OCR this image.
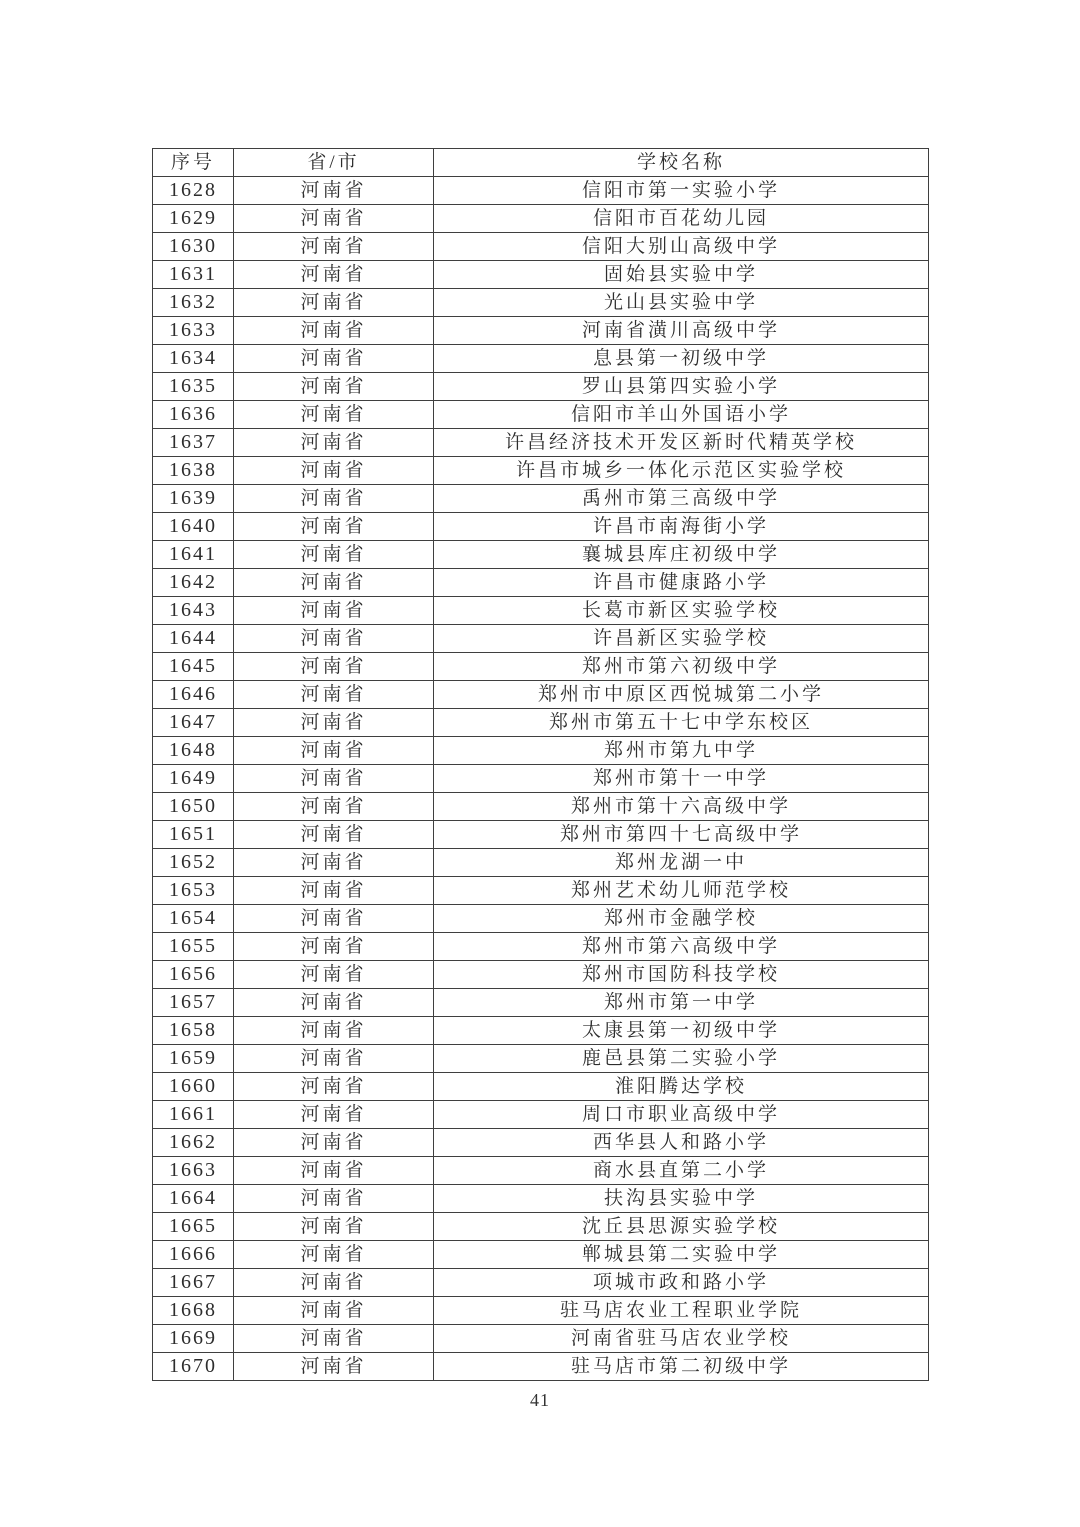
序号	省/市	学校名称
1628	河南省	信阳市第一实验小学
1629	河南省	信阳市百花幼儿园
1630	河南省	信阳大别山高级中学
1631	河南省	固始县实验中学
1632	河南省	光山县实验中学
1633	河南省	河南省潢川高级中学
1634	河南省	息县第一初级中学
1635	河南省	罗山县第四实验小学
1636	河南省	信阳市羊山外国语小学
1637	河南省	许昌经济技术开发区新时代精英学校
1638	河南省	许昌市城乡一体化示范区实验学校
1639	河南省	禹州市第三高级中学
1640	河南省	许昌市南海街小学
1641	河南省	襄城县库庄初级中学
1642	河南省	许昌市健康路小学
1643	河南省	长葛市新区实验学校
1644	河南省	许昌新区实验学校
1645	河南省	郑州市第六初级中学
1646	河南省	郑州市中原区西悦城第二小学
1647	河南省	郑州市第五十七中学东校区
1648	河南省	郑州市第九中学
1649	河南省	郑州市第十一中学
1650	河南省	郑州市第十六高级中学
1651	河南省	郑州市第四十七高级中学
1652	河南省	郑州龙湖一中
1653	河南省	郑州艺术幼儿师范学校
1654	河南省	郑州市金融学校
1655	河南省	郑州市第六高级中学
1656	河南省	郑州市国防科技学校
1657	河南省	郑州市第一中学
1658	河南省	太康县第一初级中学
1659	河南省	鹿邑县第二实验小学
1660	河南省	淮阳腾达学校
1661	河南省	周口市职业高级中学
1662	河南省	西华县人和路小学
1663	河南省	商水县直第二小学
1664	河南省	扶沟县实验中学
1665	河南省	沈丘县思源实验学校
1666	河南省	郸城县第二实验中学
1667	河南省	项城市政和路小学
1668	河南省	驻马店农业工程职业学院
1669	河南省	河南省驻马店农业学校
1670	河南省	驻马店市第二初级中学
41
